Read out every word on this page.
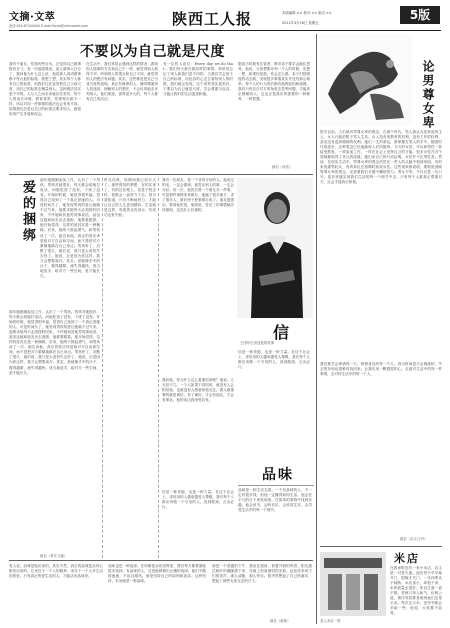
文摘·文萃
电话:029-87444444 E-mail:lhyyb@xinhuanet.com	陕西工人报	本版编辑:×× 校对:×× 版式:××
2012年3月16日 星期五
5版
不要以为自己就是尺度
我有个朋友，性格有些自负，总觉得自己做事很有分寸。有一次他跟我说，某人做事太过分了，我问他为什么这么说，他说那人说话做事都不符合他的标准。我想了想，其实每个人都有自己的标准，但我们往往容易把自己当成尺度，用自己的标准去衡量别人。这种做法其实是不对的。人与人之间本来就存在差异，每个人的成长环境、教育背景、性格特点都不一样，所以对同一件事情的看法也会有所不同。如果我们总是以自己的标准去要求别人，就很容易产生矛盾和误会。
在生活中，我们常常会遇到这样的情况：看到别人做事的方式和自己不一样，就觉得别人做得不对；听到别人的观点和自己不同，就觉得别人的想法有问题。其实，这些都是把自己当成尺度的表现。真正有修养的人，懂得尊重别人的选择，理解别人的想法，不会轻易地去评判别人。他们知道，世界是多元的，每个人都有自己的活法。
有一位哲人说过：Every day we do that... 我们每天都在做同样的事情，却常常忘记了别人和我们是不同的。当我们学会放下自己的标准，用包容的心态去看待别人的时候，我们就会发现，这个世界其实很美好。不要以为自己就是尺度，学会尊重与包容，才能让我们的生活更加和谐。
据说古时候有位智者，教导弟子要学会换位思考。他说，当你想要评判一个人的时候，先想一想，如果你是他，你会怎么做。弟子们按照他的话去做，发现很多事情其实并没有那么简单。每个人的行为背后都有他的原因和道理。我们只有站在对方的角度去思考问题，才能真正理解别人。这也正是我们所需要的一种修养，一种智慧。
摘自《读者》
爱的捆绑	那年她刚刚参加工作，认识了一个男孩。男孩对她很好，每天都会给她打电话，问她吃饭了没有，下班了没有。开始的时候，她觉得很幸福，觉得自己找到了一个真正爱她的人。可是时间久了，她发现男孩的爱让她喘不过气来。他要求她每天必须按时回家，不许她和其他男同事说话，甚至连她和朋友出去逛街，他都要跟着。她开始觉得，这样的爱其实是一种捆绑。后来，她终于鼓起勇气，和男孩谈了一次。她告诉他，真正的爱应该是给对方自由和空间，而不是把对方紧紧地绑在自己身边。男孩听了，沉默了很久，最后说，我只是太害怕失去你了。她说，正是因为你这样，我才会想要离开。其实，爱就像手中的沙子，握得越紧，流失得越快。适当地放手，给对方一些空间，爱才能长久。
那年她刚刚参加工作，认识了一个男孩。男孩对她很好，每天都会给她打电话，问她吃饭了没有，下班了没有。开始的时候，她觉得很幸福，觉得自己找到了一个真正爱她的人。可是时间久了，她发现男孩的爱让她喘不过气来。他要求她每天必须按时回家，不许她和其他男同事说话，甚至连她和朋友出去逛街，他都要跟着。她开始觉得，这样的爱其实是一种捆绑。后来，她终于鼓起勇气，和男孩谈了一次。她告诉他，真正的爱应该是给对方自由和空间，而不是把对方紧紧地绑在自己身边。男孩听了，沉默了很久，最后说，我只是太害怕失去你了。她说，正是因为你这样，我才会想要离开。其实，爱就像手中的沙子，握得越紧，流失得越快。适当地放手，给对方一些空间，爱才能长久。
摘自《青年文摘》
时光荏苒，转眼间我已经长大了。那些曾经的梦想，有的实现了，有的还在路上。但是不管怎样，我都会一直努力下去。因为我知道，只有不断地努力，才能让自己的人生更加精彩。生活就是这样，有欢笑也有泪水，有成功也有失败。
我有一位朋友，是一个非常守信的人。他说过的话，一定会做到；他答应别人的事，一定会办好。有一次，他答应帮一个朋友办一件事，可是那件事情非常难办，他跑了很多地方，求了很多人，最后终于把事情办成了。朋友很感动，要请他吃饭，他却说，答应了的事情就应该做到，这没什么好谢的。
我问他，你为什么这么看重信用呢？他说，人无信不立。一个人如果不讲信用，就没有人会相信他，也就没有人愿意和他交往。做人最重要的就是诚信，有了诚信，才会有朋友，才会有事业。他的话让我深受启发。
信是一种美德，也是一种力量。在这个社会上，讲信用的人越来越受人尊敬。我们每个人都应该做一个守信的人，说到做到，言出必行。
信
王国华在讲述他的故事
信是一种美德，也是一种力量。在这个社会上，讲信用的人越来越受人尊敬。我们每个人都应该做一个守信的人，说到做到，言出必行。
品味
品味是一种生活态度。一个有品味的人，不一定有很多钱，但他一定懂得如何生活。他会在平凡的日子里发现美，在简单的事物中找到乐趣。他会读书，会听音乐，会欣赏艺术，会享受生活中的每一个细节。
有人说，品味是装出来的。其实不然，真正的品味是从内心散发出来的。它来自于一个人的修养，来自于一个人对生活的热爱。只有真正热爱生活的人，才能活出品味来。
品味也是一种选择。在纷繁复杂的世界里，我们每天都要面临很多选择。有品味的人，总是能够做出正确的选择。他们不随波逐流，不盲目跟风，而是坚持自己的原则和追求。这种坚持，本身就是一种品味。
那是一个普通的下午，我坐在窗前，看着外面的风景。阳光透过树叶的缝隙洒下来，在地上形成斑驳的光影。远处传来孩子们的笑声，那么清脆，那么快乐。我突然想起了自己的童年，想起了那些无忧无虑的日子。
摘自《意林》
论男尊女卑
很早以前，人们就有男尊女卑的观念。在那个时代，男人被认为是家庭的主人，女人只能依附于男人生活。女人没有受教育的权利，没有工作的权利，甚至没有选择婚姻的权利。她们一生的命运，都掌握在男人的手中。随着时代的进步，这种观念已经逐渐被人们所抛弃。今天的女性，可以和男性一样接受教育，一样参加工作，一样在社会上发挥自己的才能。很多女性在各个领域都取得了非凡的成就，她们用自己的行动证明，女性并不比男性差。然而，在现实生活中，男尊女卑的观念仍然在一些人的头脑中根深蒂固。有的家庭重男轻女，有的单位在招聘时歧视女性。这些现象都说明，要彻底消除男尊女卑的观念，还需要我们长期不懈的努力。男女平等，不仅仅是一句口号，更应该落实到我们生活的每一个细节中去。只有每个人都真正尊重对方，社会才能真正和谐。
我们要学会珍惜每一天，珍惜身边的每一个人。因为时间是不会倒流的，失去的东西也很难再找回来。让我们用一颗感恩的心，去面对生活中的每一件事情，去对待生活中的每一个人。
摘自《杂文月刊》
米店
在我家附近有一家小米店，店主是一对老夫妻。他们每天早早地开门，很晚才关门，一年四季从不间断。米店虽小，却很干净，米的质量也很好，所以生意一直不错。老两口待人和气，价格公道，街坊邻居都喜欢到他们这里买米。每次去买米，老爷爷都会多给一些，他说，大家都不容易。
老人米店一景
